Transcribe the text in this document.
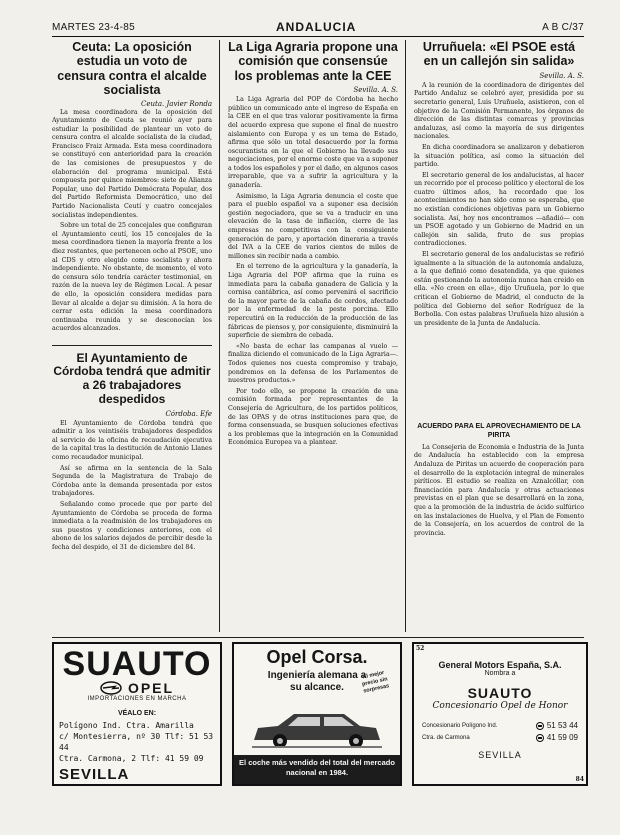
MARTES 23-4-85	ANDALUCIA	A B C/37
Ceuta: La oposición estudia un voto de censura contra el alcalde socialista
Ceuta. Javier Ronda

La mesa coordinadora de la oposición del Ayuntamiento de Ceuta se reunió ayer para estudiar la posibilidad de plantear un voto de censura contra el alcalde socialista de la ciudad, Francisco Fraiz Armada. Esta mesa coordinadora se constituyó con anterioridad para la creación de las comisiones de presupuestos y de elaboración del programa municipal. Está compuesta por quince miembros: siete de Alianza Popular, uno del Partido Demócrata Popular, dos del Partido Reformista Democrático, uno del Partido Nacionalista Ceutí y cuatro concejales socialistas independientes.

Sobre un total de 25 concejales que configuran el Ayuntamiento ceutí, los 15 concejales de la mesa coordinadora tienen la mayoría frente a los diez restantes, que pertenecen ocho al PSOE, uno al CDS y otro elegido como socialista y ahora independiente. No obstante, de momento, el voto de censura sólo tendría carácter testimonial, en razón de la nueva ley de Régimen Local. A pesar de ello, la oposición considera medidas para llevar al alcalde a dejar su dimisión. A la hora de cerrar esta edición la mesa coordinadora continuaba reunida y se desconocían los acuerdos alcanzados.

El Ayuntamiento de Córdoba tendrá que admitir a 26 trabajadores despedidos
Córdoba. Efe

El Ayuntamiento de Córdoba tendrá que admitir a los veintiséis trabajadores despedidos al servicio de la oficina de recaudación ejecutiva de la capital tras la destitución de Antonio Llanes como recaudador municipal.

Así se afirma en la sentencia de la Sala Segunda de la Magistratura de Trabajo de Córdoba ante la demanda presentada por estos trabajadores.

Señalando como procede que por parte del Ayuntamiento de Córdoba se proceda de forma inmediata a la readmisión de los trabajadores en sus puestos y condiciones anteriores, con el abono de los salarios dejados de percibir desde la fecha del despido, el 31 de diciembre del 84.

La Liga Agraria propone una comisión que consensúe los problemas ante la CEE
Sevilla. A. S.

La Liga Agraria del POP de Córdoba ha hecho público un comunicado ante el ingreso de España en la CEE en el que tras valorar positivamente la firma del acuerdo expresa que supone el final de nuestro aislamiento con Europa y es un tema de Estado, afirma que sólo un total desacuerdo por la forma oscurantista en la que el Gobierno ha llevado sus negociaciones, por el enorme coste que va a suponer a todos los españoles y por el daño, en algunos casos irreparable, que va a sufrir la agricultura y la ganadería.

Asimismo, la Liga Agraria denuncia el coste que para el pueblo español va a suponer esa decisión gestión negociadora, que se va a traducir en una elevación de la tasa de inflación, cierre de las empresas no competitivas con la consiguiente generación de paro, y aportación dineraria a través del IVA a la CEE de varios cientos de miles de millones sin recibir nada a cambio.

En el terreno de la agricultura y la ganadería, la Liga Agraria del POP afirma que la ruina es inmediata para la cabaña ganadera de Galicia y la cornisa cantábrica, así como pervenirá el sacrificio de la mayor parte de la cabaña de cerdos, afectado por la enfermedad de la peste porcina. Ello repercutirá en la reducción de la producción de las fábricas de piensos y, por consiguiente, disminuirá la superficie de siembra de cebada.

«No basta de echar las campanas al vuelo —finaliza diciendo el comunicado de la Liga Agraria—. Todos quienes nos cuesta compromiso y trabajo, pondremos en la defensa de los Parlamentos de nuestros productos.»

Por todo ello, se propone la creación de una comisión formada por representantes de la Consejería de Agricultura, de los partidos políticos, de las OPAS y de otras instituciones para que, de forma consensuada, se busquen soluciones efectivas a los problemas que la integración en la Comunidad Económica Europea va a plantear.

Urruñuela: «El PSOE está en un callejón sin salida»
Sevilla. A. S.

A la reunión de la coordinadora de dirigentes del Partido Andaluz se celebró ayer, presidida por su secretario general, Luis Uruñuela, asistieron, con el objetivo de la Comisión Permanente, los órganos de dirección de las distintas comarcas y provincias andaluzas, así como la mayoría de sus dirigentes nacionales.

En dicha coordinadora se analizaron y debatieron la situación política, así como la situación del partido.

El secretario general de los andalucistas, al hacer un recorrido por el proceso político y electoral de los cuatro últimos años, ha recordado que los acontecimientos no han sido como se esperaba, que no existían condiciones objetivas para un Gobierno socialista. Así, hoy nos encontramos —añadió— con un PSOE agotado y un Gobierno de Madrid en un callejón sin salida, fruto de sus propias contradicciones.

El secretario general de los andalucistas se refirió igualmente a la situación de la autonomía andaluza, a la que definió como desatendida, ya que quienes están gestionando la autonomía nunca han creído en ella. «No creen en ella», dijo Uruñuela, por lo que critican el Gobierno de Madrid, el conducto de la política del Gobierno del señor Rodríguez de la Borbolla. Con estas palabras Uruñuela hizo alusión a un presidente de la Junta de Andalucía.

ACUERDO PARA EL APROVECHAMIENTO DE LA PIRITA

La Consejería de Economía e Industria de la Junta de Andalucía ha establecido con la empresa Andaluza de Piritas un acuerdo de cooperación para el desarrollo de la explotación integral de minerales piríticos. El estudio se realiza en Aznalcóllar, con financiación para Andalucía y otras actuaciones previstas en el plan que se desarrollará en la zona, que a la promoción de la industria de ácido sulfúrico en las instalaciones de Huelva, y el Plan de Fomento de la Consejería, en los acuerdos de control de la provincia.

SUAUTO
OPEL
IMPORTACIONES EN MARCHA
VÉALO EN:
Polígono Ind. Ctra. Amarilla
c/ Montesierra, nº 30 Tlf: 51 53 44
Ctra. Carmona, 2 Tlf: 41 59 09
SEVILLA
Opel Corsa.
Ingeniería alemana a su alcance.
Al mejor precio sin sorpresas
El coche más vendido del total del mercado nacional en 1984.
52
84
General Motors España, S.A.
Nombra a
SUAUTO
Concesionario Opel de Honor
Concesionario Polígono Ind.	51 53 44
Ctra. de Carmona	41 59 09
SEVILLA
